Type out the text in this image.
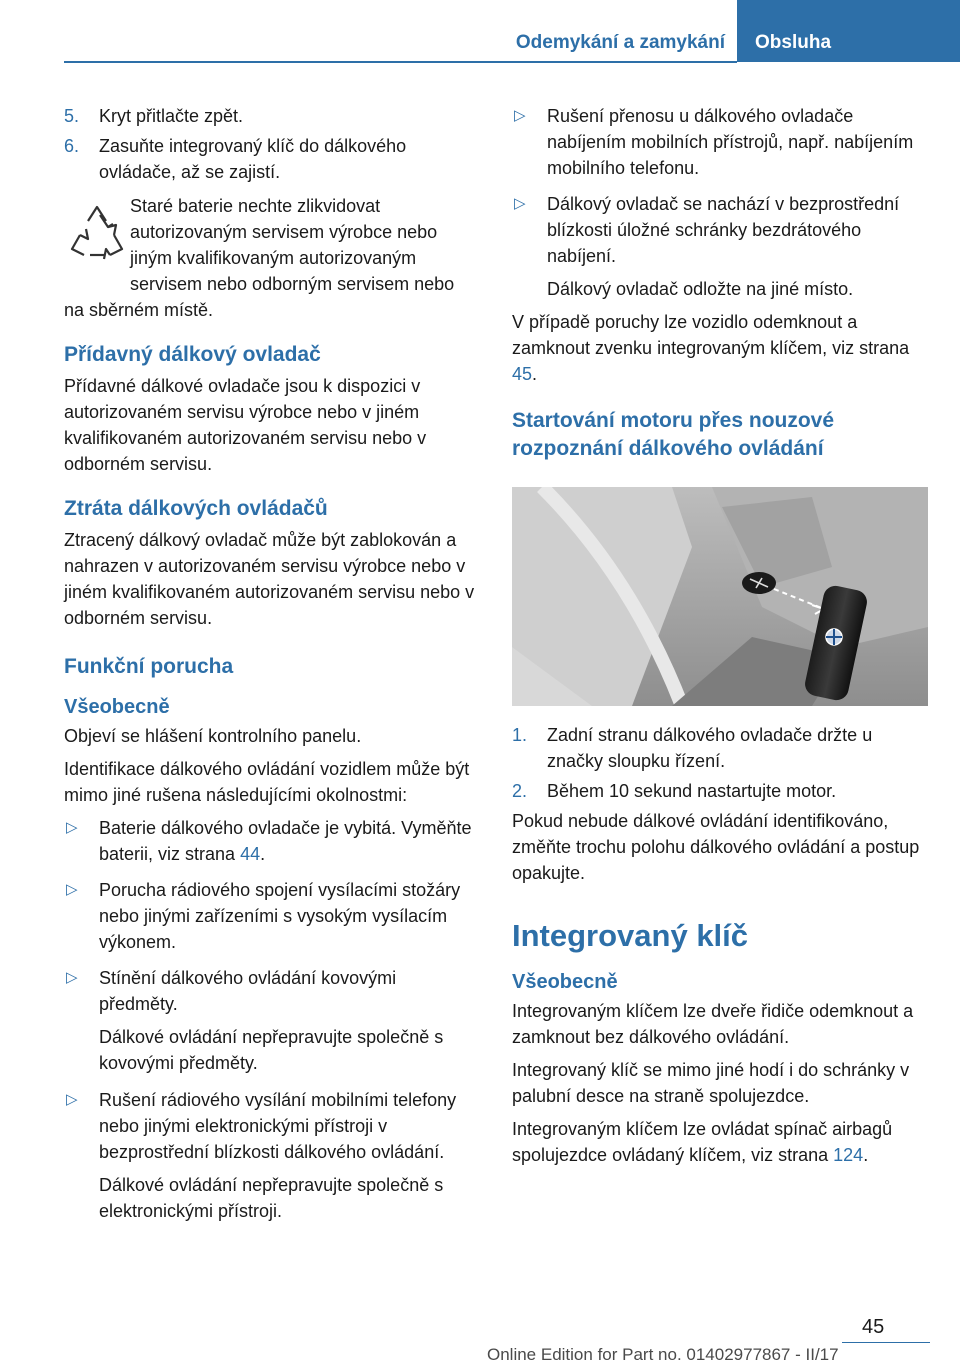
Odemykání a zamykání	Obsluha
5.	Kryt přitlačte zpět.
6.	Zasuňte integrovaný klíč do dálkového ovládače, až se zajistí.
Staré baterie nechte zlikvidovat autorizovaným servisem výrobce nebo jiným kvalifikovaným autorizovaným servisem nebo odborným servisem nebo na sběrném místě.
Přídavný dálkový ovladač

Přídavné dálkové ovladače jsou k dispozici v autorizovaném servisu výrobce nebo v jiném kvalifikovaném autorizovaném servisu nebo v odborném servisu.

Ztráta dálkových ovládačů

Ztracený dálkový ovladač může být zablokován a nahrazen v autorizovaném servisu výrobce nebo v jiném kvalifikovaném autorizovaném servisu nebo v odborném servisu.

Funkční porucha
Všeobecně

Objeví se hlášení kontrolního panelu.

Identifikace dálkového ovládání vozidlem může být mimo jiné rušena následujícími okolnostmi:

▷	Baterie dálkového ovladače je vybitá. Vyměňte baterii, viz strana 44.
▷	Porucha rádiového spojení vysílacími stožáry nebo jinými zařízeními s vysokým vysílacím výkonem.
▷	Stínění dálkového ovládání kovovými předměty.

Dálkové ovládání nepřepravujte společně s kovovými předměty.

▷	Rušení rádiového vysílání mobilními telefony nebo jinými elektronickými přístroji v bezprostřední blízkosti dálkového ovládání.

Dálkové ovládání nepřepravujte společně s elektronickými přístroji.

▷	Rušení přenosu u dálkového ovladače nabíjením mobilních přístrojů, např. nabíjením mobilního telefonu.
▷	Dálkový ovladač se nachází v bezprostřední blízkosti úložné schránky bezdrátového nabíjení.

Dálkový ovladač odložte na jiné místo.

V případě poruchy lze vozidlo odemknout a zamknout zvenku integrovaným klíčem, viz strana 45.

Startování motoru přes nouzové rozpoznání dálkového ovládání
1.	Zadní stranu dálkového ovladače držte u značky sloupku řízení.
2.	Během 10 sekund nastartujte motor.

Pokud nebude dálkové ovládání identifikováno, změňte trochu polohu dálkového ovládání a postup opakujte.

Integrovaný klíč
Všeobecně

Integrovaným klíčem lze dveře řidiče odemknout a zamknout bez dálkového ovládání.

Integrovaný klíč se mimo jiné hodí i do schránky v palubní desce na straně spolujezdce.

Integrovaným klíčem lze ovládat spínač airbagů spolujezdce ovládaný klíčem, viz strana 124.

45
Online Edition for Part no. 01402977867 - II/17
